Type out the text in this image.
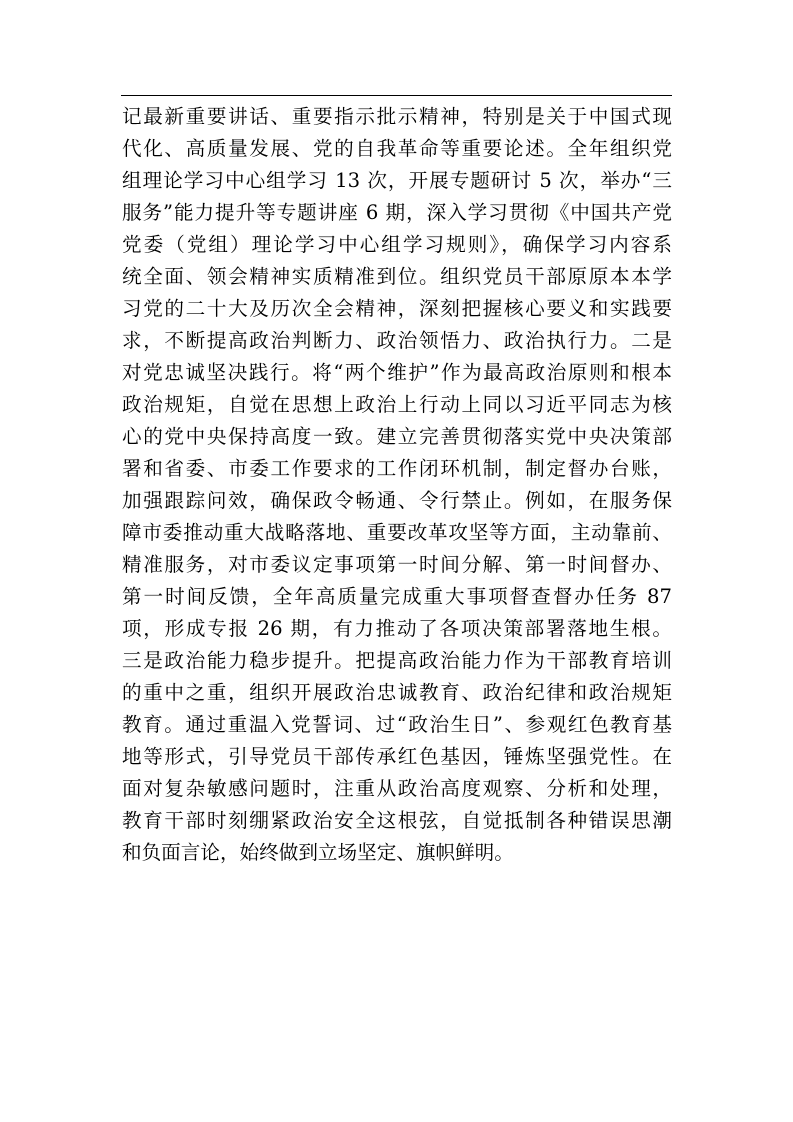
记最新重要讲话、重要指示批示精神，特别是关于中国式现
代化、高质量发展、党的自我革命等重要论述。全年组织党
组理论学习中心组学习 13 次，开展专题研讨 5 次，举办“三
服务”能力提升等专题讲座 6 期，深入学习贯彻《中国共产党
党委（党组）理论学习中心组学习规则》，确保学习内容系
统全面、领会精神实质精准到位。组织党员干部原原本本学
习党的二十大及历次全会精神，深刻把握核心要义和实践要
求，不断提高政治判断力、政治领悟力、政治执行力。二是
对党忠诚坚决践行。将“两个维护”作为最高政治原则和根本
政治规矩，自觉在思想上政治上行动上同以习近平同志为核
心的党中央保持高度一致。建立完善贯彻落实党中央决策部
署和省委、市委工作要求的工作闭环机制，制定督办台账，
加强跟踪问效，确保政令畅通、令行禁止。例如，在服务保
障市委推动重大战略落地、重要改革攻坚等方面，主动靠前、
精准服务，对市委议定事项第一时间分解、第一时间督办、
第一时间反馈，全年高质量完成重大事项督查督办任务 87
项，形成专报 26 期，有力推动了各项决策部署落地生根。
三是政治能力稳步提升。把提高政治能力作为干部教育培训
的重中之重，组织开展政治忠诚教育、政治纪律和政治规矩
教育。通过重温入党誓词、过“政治生日”、参观红色教育基
地等形式，引导党员干部传承红色基因，锤炼坚强党性。在
面对复杂敏感问题时，注重从政治高度观察、分析和处理，
教育干部时刻绷紧政治安全这根弦，自觉抵制各种错误思潮
和负面言论，始终做到立场坚定、旗帜鲜明。
